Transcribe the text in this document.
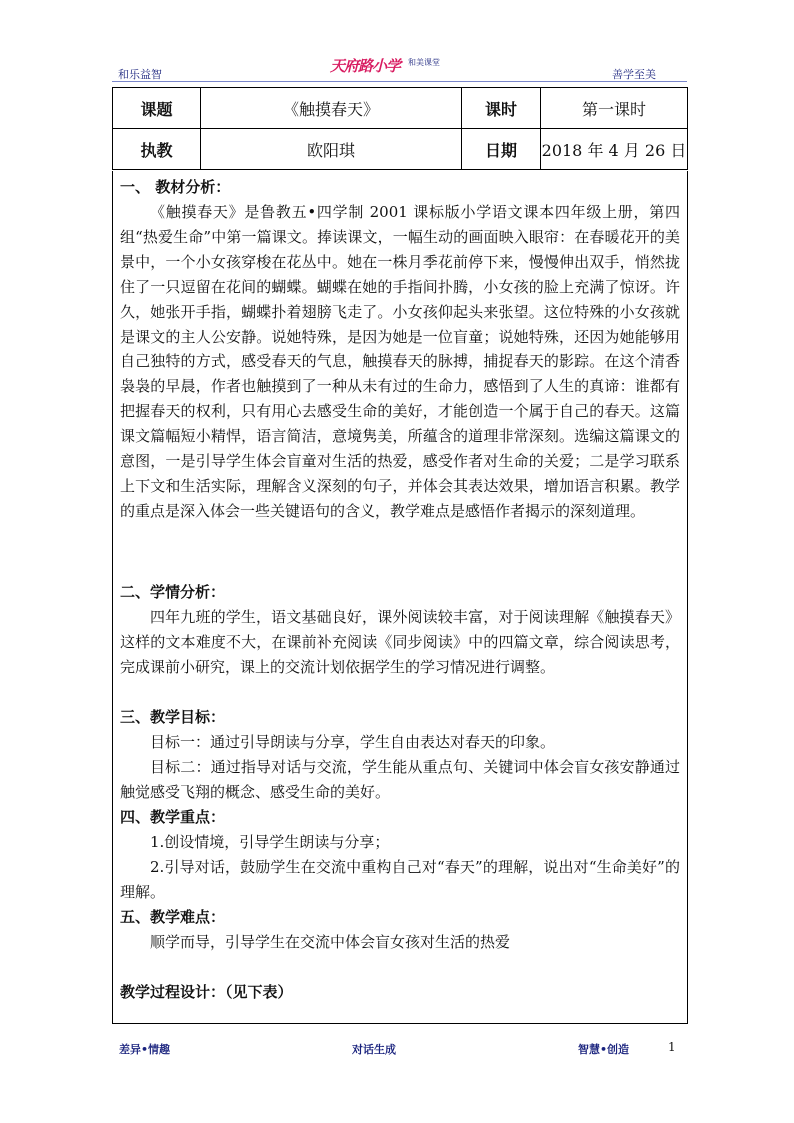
和乐益智	天府路小学 和美课堂
善学至美
课题	《触摸春天》	课时	第一课时
执教	欧阳琪	日期	2018 年 4 月 26 日
一、 教材分析：
《触摸春天》是鲁教五•四学制 2001 课标版小学语文课本四年级上册，第四组“热爱生命”中第一篇课文。捧读课文，一幅生动的画面映入眼帘：在春暖花开的美景中，一个小女孩穿梭在花丛中。她在一株月季花前停下来，慢慢伸出双手，悄然拢住了一只逗留在花间的蝴蝶。蝴蝶在她的手指间扑腾，小女孩的脸上充满了惊讶。许久，她张开手指，蝴蝶扑着翅膀飞走了。小女孩仰起头来张望。这位特殊的小女孩就是课文的主人公安静。说她特殊，是因为她是一位盲童；说她特殊，还因为她能够用自己独特的方式，感受春天的气息，触摸春天的脉搏，捕捉春天的影踪。在这个清香袅袅的早晨，作者也触摸到了一种从未有过的生命力，感悟到了人生的真谛：谁都有把握春天的权利，只有用心去感受生命的美好，才能创造一个属于自己的春天。这篇课文篇幅短小精悍，语言简洁，意境隽美，所蕴含的道理非常深刻。选编这篇课文的意图，一是引导学生体会盲童对生活的热爱，感受作者对生命的关爱；二是学习联系上下文和生活实际，理解含义深刻的句子，并体会其表达效果，增加语言积累。教学的重点是深入体会一些关键语句的含义，教学难点是感悟作者揭示的深刻道理。
二、学情分析：
四年九班的学生，语文基础良好，课外阅读较丰富，对于阅读理解《触摸春天》这样的文本难度不大，在课前补充阅读《同步阅读》中的四篇文章，综合阅读思考，完成课前小研究，课上的交流计划依据学生的学习情况进行调整。
三、教学目标：
目标一：通过引导朗读与分享，学生自由表达对春天的印象。
目标二：通过指导对话与交流，学生能从重点句、关键词中体会盲女孩安静通过触觉感受飞翔的概念、感受生命的美好。
四、教学重点：
1.创设情境，引导学生朗读与分享；
2.引导对话，鼓励学生在交流中重构自己对“春天”的理解，说出对“生命美好”的理解。
五、教学难点：
顺学而导，引导学生在交流中体会盲女孩对生活的热爱
教学过程设计：（见下表）
差异•情趣	对话生成	智慧•创造	1
